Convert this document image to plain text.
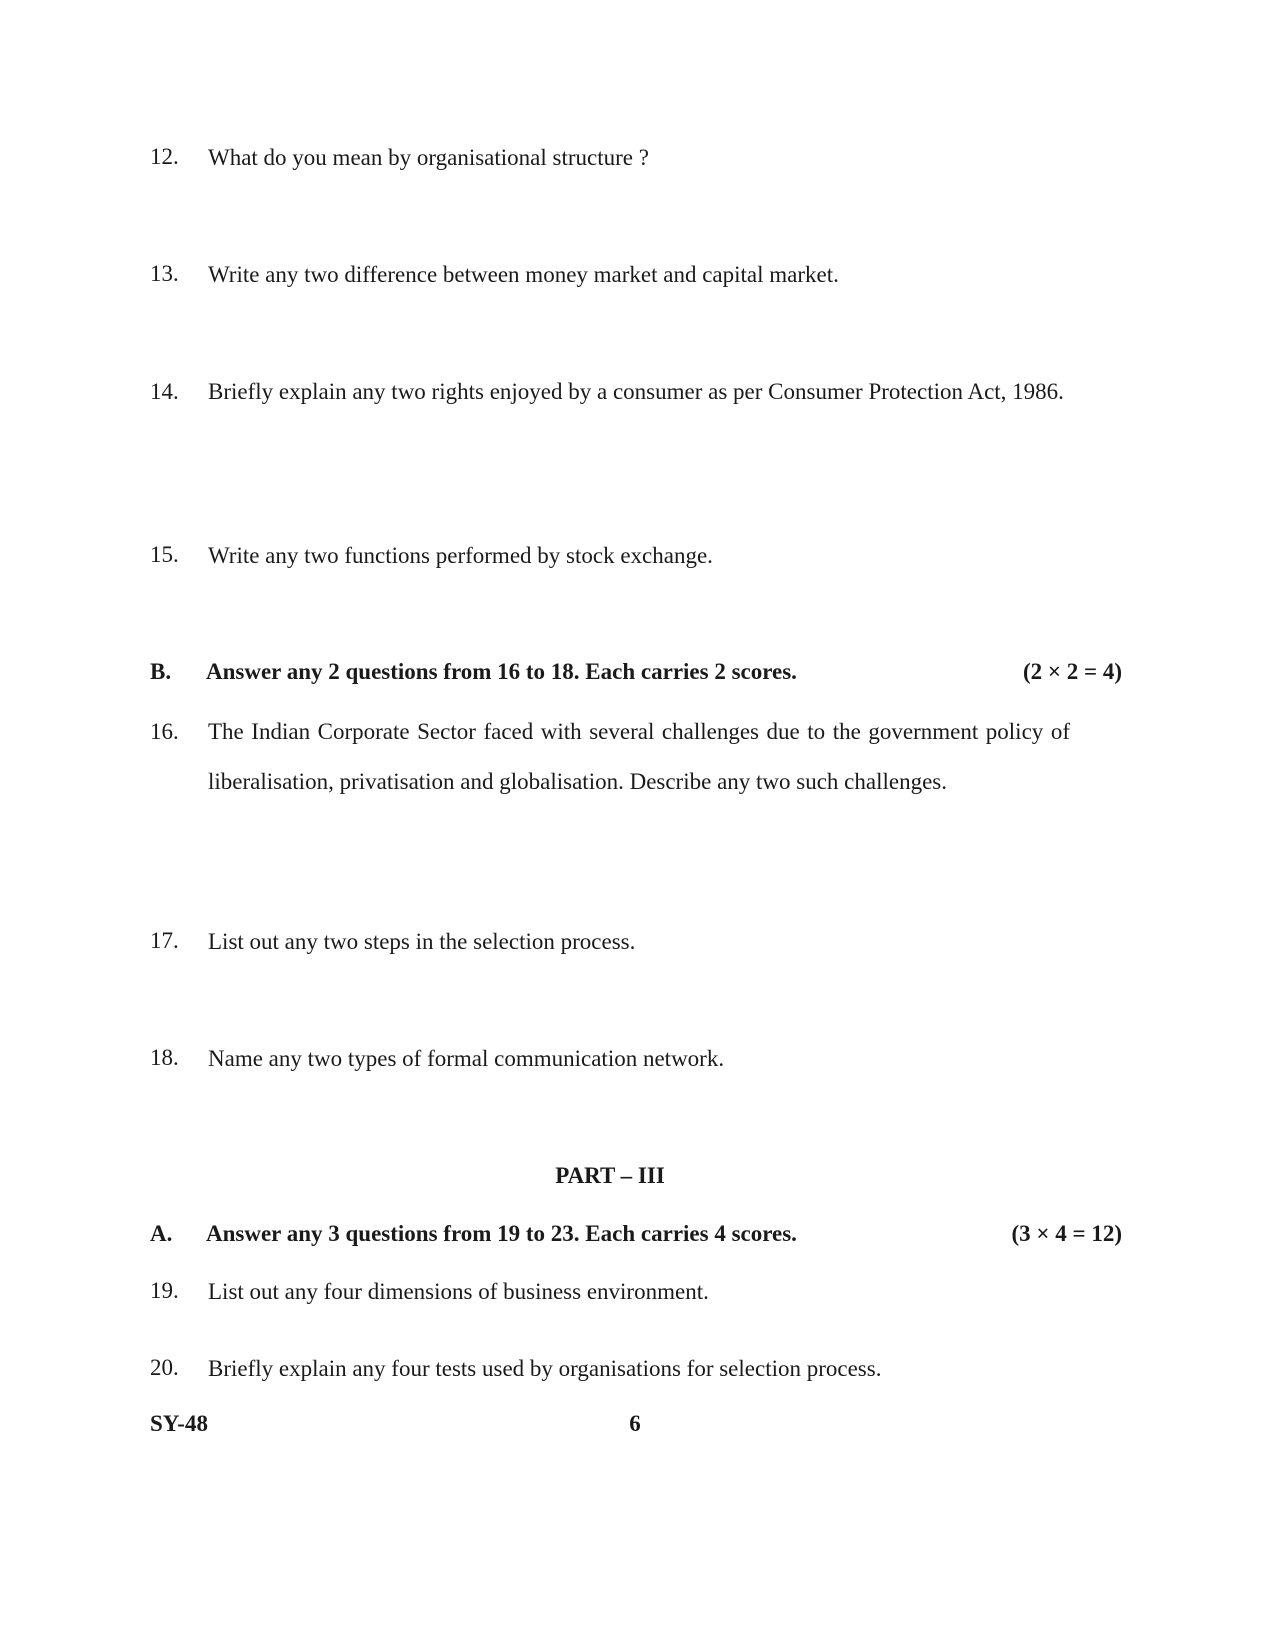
12. What do you mean by organisational structure ?
13. Write any two difference between money market and capital market.
14. Briefly explain any two rights enjoyed by a consumer as per Consumer Protection Act, 1986.
15. Write any two functions performed by stock exchange.
B. Answer any 2 questions from 16 to 18. Each carries 2 scores.	(2 × 2 = 4)
16. The Indian Corporate Sector faced with several challenges due to the government policy of liberalisation, privatisation and globalisation. Describe any two such challenges.
17. List out any two steps in the selection process.
18. Name any two types of formal communication network.
PART – III
A. Answer any 3 questions from 19 to 23. Each carries 4 scores.	(3 × 4 = 12)
19. List out any four dimensions of business environment.
20. Briefly explain any four tests used by organisations for selection process.
SY-48	6
